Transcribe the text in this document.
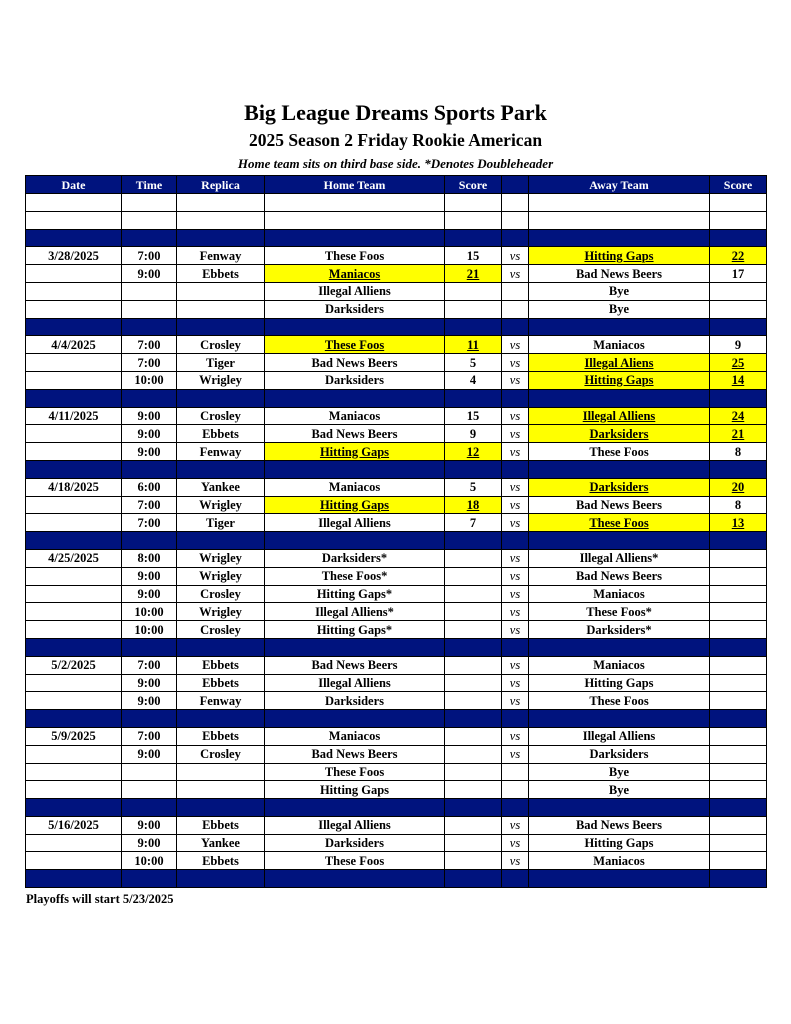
Big League Dreams Sports Park
2025 Season 2 Friday Rookie American
Home team sits on third base side. *Denotes Doubleheader
Date	Time	Replica	Home Team	Score		Away Team	Score

3/28/2025	7:00	Fenway	These Foos	15	vs	Hitting Gaps	22
	9:00	Ebbets	Maniacos	21	vs	Bad News Beers	17
			Illegal Alliens			Bye	
			Darksiders			Bye	

4/4/2025	7:00	Crosley	These Foos	11	vs	Maniacos	9
	7:00	Tiger	Bad News Beers	5	vs	Illegal Aliens	25
	10:00	Wrigley	Darksiders	4	vs	Hitting Gaps	14

4/11/2025	9:00	Crosley	Maniacos	15	vs	Illegal Alliens	24
	9:00	Ebbets	Bad News Beers	9	vs	Darksiders	21
	9:00	Fenway	Hitting Gaps	12	vs	These Foos	8

4/18/2025	6:00	Yankee	Maniacos	5	vs	Darksiders	20
	7:00	Wrigley	Hitting Gaps	18	vs	Bad News Beers	8
	7:00	Tiger	Illegal Alliens	7	vs	These Foos	13

4/25/2025	8:00	Wrigley	Darksiders*		vs	Illegal Alliens*	
	9:00	Wrigley	These Foos*		vs	Bad News Beers	
	9:00	Crosley	Hitting Gaps*		vs	Maniacos	
	10:00	Wrigley	Illegal Alliens*		vs	These Foos*	
	10:00	Crosley	Hitting Gaps*		vs	Darksiders*	

5/2/2025	7:00	Ebbets	Bad News Beers		vs	Maniacos	
	9:00	Ebbets	Illegal Alliens		vs	Hitting Gaps	
	9:00	Fenway	Darksiders		vs	These Foos	

5/9/2025	7:00	Ebbets	Maniacos		vs	Illegal Alliens	
	9:00	Crosley	Bad News Beers		vs	Darksiders	
			These Foos			Bye	
			Hitting Gaps			Bye	

5/16/2025	9:00	Ebbets	Illegal Alliens		vs	Bad News Beers	
	9:00	Yankee	Darksiders		vs	Hitting Gaps	
	10:00	Ebbets	These Foos		vs	Maniacos	

Playoffs will start 5/23/2025
